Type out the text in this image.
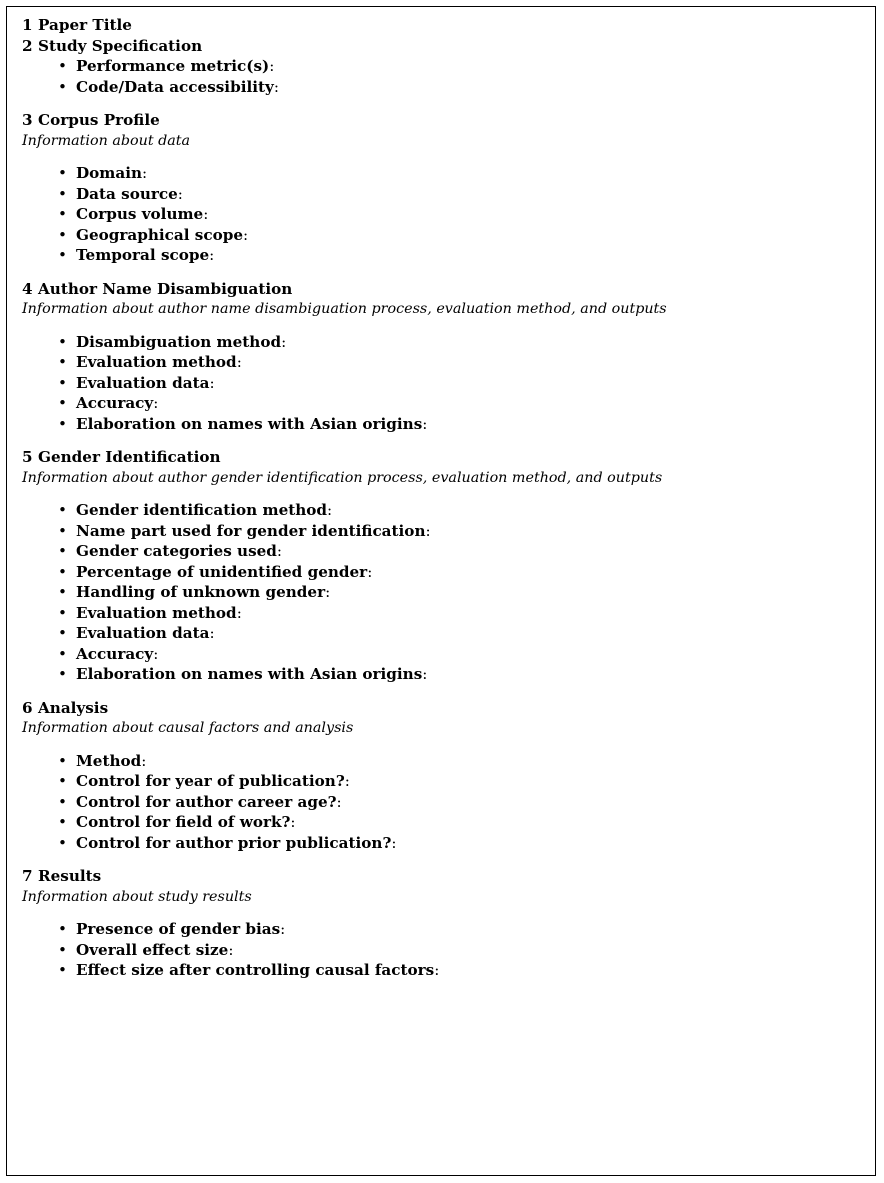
1 Paper Title
2 Study Specification
• Performance metric(s):
• Code/Data accessibility:
3 Corpus Profile
Information about data
• Domain:
• Data source:
• Corpus volume:
• Geographical scope:
• Temporal scope:
4 Author Name Disambiguation
Information about author name disambiguation process, evaluation method, and outputs
• Disambiguation method:
• Evaluation method:
• Evaluation data:
• Accuracy:
• Elaboration on names with Asian origins:
5 Gender Identification
Information about author gender identification process, evaluation method, and outputs
• Gender identification method:
• Name part used for gender identification:
• Gender categories used:
• Percentage of unidentified gender:
• Handling of unknown gender:
• Evaluation method:
• Evaluation data:
• Accuracy:
• Elaboration on names with Asian origins:
6 Analysis
Information about causal factors and analysis
• Method:
• Control for year of publication?:
• Control for author career age?:
• Control for field of work?:
• Control for author prior publication?:
7 Results
Information about study results
• Presence of gender bias:
• Overall effect size:
• Effect size after controlling causal factors:
